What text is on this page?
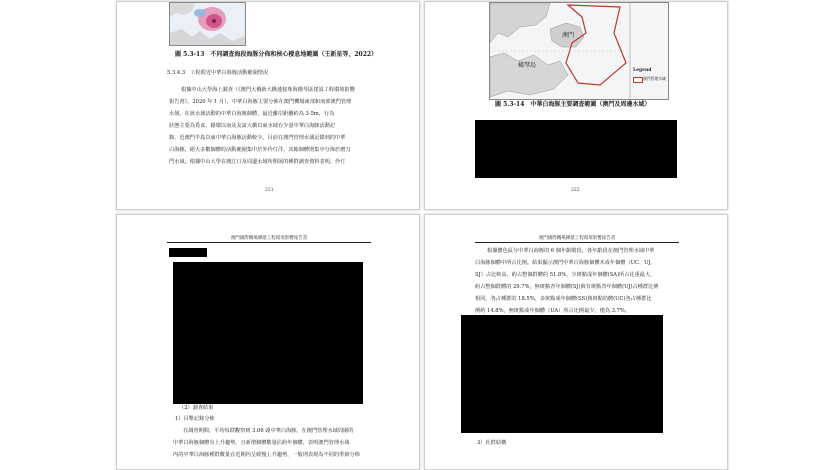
圖 5.3-13　不同調查海段海豚分佈和核心棲息地範圍（王新星等，2022）
5.3.4.3　工程附近中華白海豚活動範圍情況
根據中山大學海上調查（《澳門大橋新大橋連接珠海橫琴區建設工程環境影響
報告書》，2020 年 1 月），中華白海豚主要分佈在澳門機場東部和南部澳門管理
水域，在該水域活動的中華白海豚個體，最近離岸距離約為 3-5m，行為
狀態主要為覓食，路環以南及友誼大橋以東水域有少量中華白海豚活動記
錄，近澳門半島以東中華白海豚活動較少。目前在澳門管理水域記錄到的中華
白海豚，絕大多數個體的活動範圍集中於外伶仃洋，其餘個體則集中分佈於磨刀
門水域。根據中山大學在澳江口及周邊水域所開展的種群調查資料表明，伶仃
221
澳門
橫琴島
Legend
澳門管理水域
圖 5.3-14　中華白海豚主要調查範圍（澳門及周邊水域）
222
澳門國際機場擴建工程環境影響報告書
（2）調查結果
1）目擊記錄分佈
在調查期間，平均每群觀察到 3.06 頭中華白海豚，在澳門管理水域周圍的
中華白海豚個體有上升趨勢，且新增個體數量佔約年個體，表明澳門管理水域
內的中華白海豚種群數量在近期內呈緩慢上升趨勢，一般則表現為不同的季節分佈
澳門國際機場擴建工程環境影響報告書
根據體色區分中華白海豚的 6 個年齡階段，各年齡段在澳門管理水域中華
白海豚個體中所占比例。結果顯示澳門中華白海豚個體未成年個體（UC、UJ、
SJ）占比較高，約占整個群體的 51.8%，少斑點成年個體(SA)所占比重最大，
約占整個群體的 29.7%，無斑點青年個體(SJ)與有斑點青年個體(UJ)占種群比例
相同，各占種群的 18.5%，多斑點成年個體(SS)與斑點幼體(UC)各占種群比
例約 14.8%，無斑點成年個體（UA）所占比例最少，僅為 3.7%。
3）社群結構
